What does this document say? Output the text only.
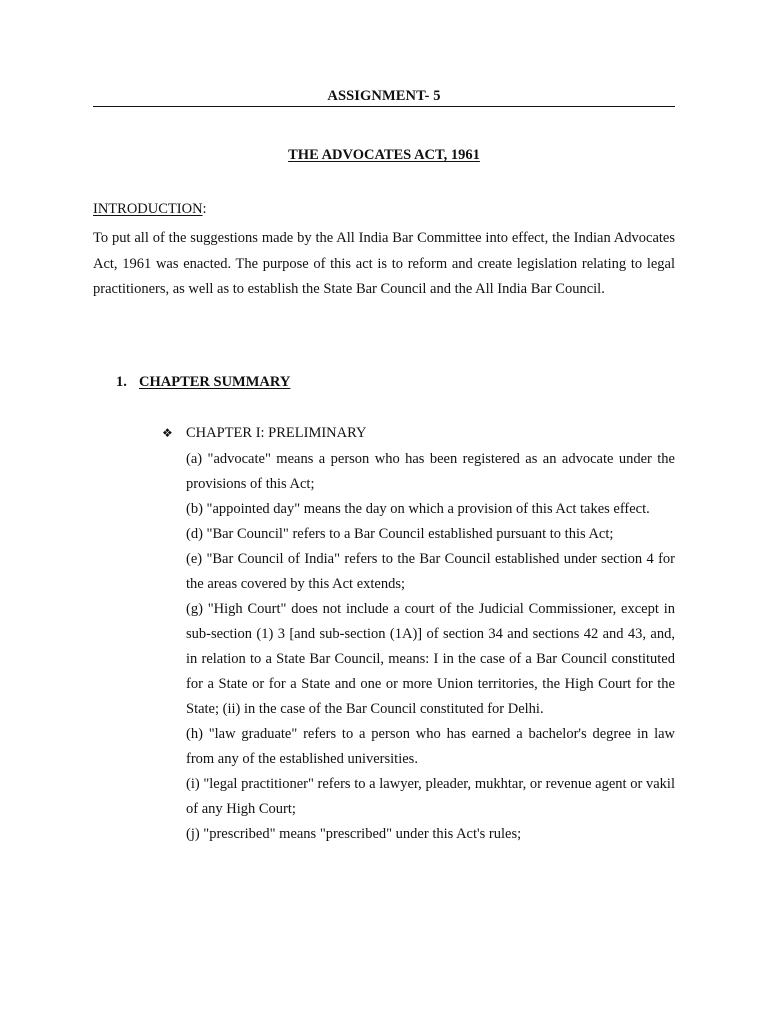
ASSIGNMENT- 5
THE ADVOCATES ACT, 1961
INTRODUCTION:

To put all of the suggestions made by the All India Bar Committee into effect, the Indian Advocates Act, 1961 was enacted. The purpose of this act is to reform and create legislation relating to legal practitioners, as well as to establish the State Bar Council and the All India Bar Council.

1. CHAPTER SUMMARY
❖ CHAPTER I: PRELIMINARY
(a) "advocate" means a person who has been registered as an advocate under the provisions of this Act;
(b) "appointed day" means the day on which a provision of this Act takes effect.
(d) "Bar Council" refers to a Bar Council established pursuant to this Act;
(e) "Bar Council of India" refers to the Bar Council established under section 4 for the areas covered by this Act extends;
(g) "High Court" does not include a court of the Judicial Commissioner, except in sub-section (1) 3 [and sub-section (1A)] of section 34 and sections 42 and 43, and, in relation to a State Bar Council, means: I in the case of a Bar Council constituted for a State or for a State and one or more Union territories, the High Court for the State; (ii) in the case of the Bar Council constituted for Delhi.
(h) "law graduate" refers to a person who has earned a bachelor's degree in law from any of the established universities.
(i) "legal practitioner" refers to a lawyer, pleader, mukhtar, or revenue agent or vakil of any High Court;
(j) "prescribed" means "prescribed" under this Act's rules;
